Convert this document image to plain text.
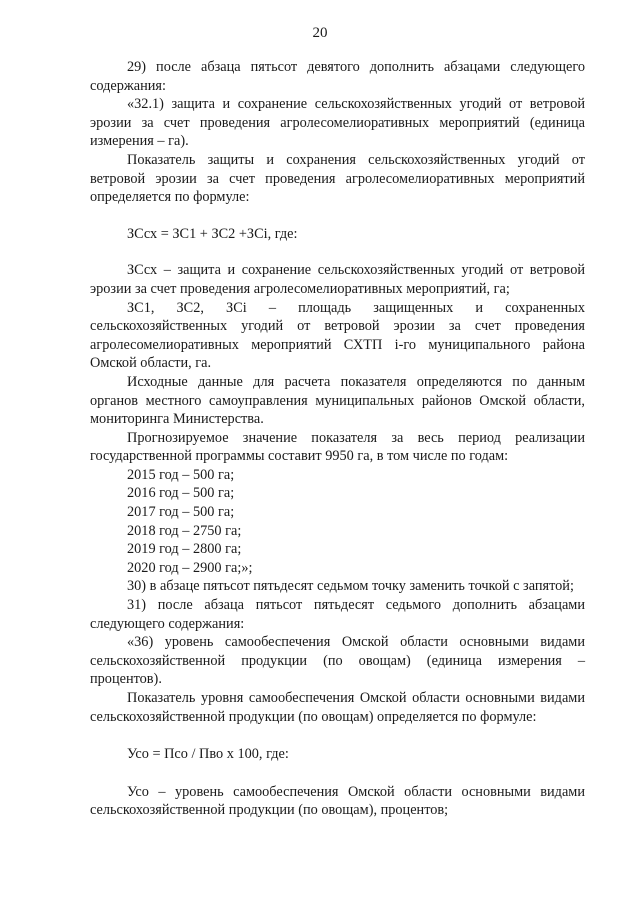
20

29) после абзаца пятьсот девятого дополнить абзацами следующего содержания:

«32.1) защита и сохранение сельскохозяйственных угодий от ветровой эрозии за счет проведения агролесомелиоративных мероприятий (единица измерения – га).

Показатель защиты и сохранения сельскохозяйственных угодий от ветровой эрозии за счет проведения агролесомелиоративных мероприятий определяется по формуле:

ЗСсх = ЗС1 + ЗС2 +ЗСi, где:

ЗСсх – защита и сохранение сельскохозяйственных угодий от ветровой эрозии за счет проведения агролесомелиоративных мероприятий, га;

ЗС1, ЗС2, ЗСi – площадь защищенных и сохраненных сельскохозяйственных угодий от ветровой эрозии за счет проведения агролесомелиоративных мероприятий СХТП i-го муниципального района Омской области, га.

Исходные данные для расчета показателя определяются по данным органов местного самоуправления муниципальных районов Омской области, мониторинга Министерства.

Прогнозируемое значение показателя за весь период реализации государственной программы составит 9950 га, в том числе по годам:

2015 год – 500 га;

2016 год – 500 га;

2017 год – 500 га;

2018 год – 2750 га;

2019 год – 2800 га;

2020 год – 2900 га;»;

30) в абзаце пятьсот пятьдесят седьмом точку заменить точкой с запятой;

31) после абзаца пятьсот пятьдесят седьмого дополнить абзацами следующего содержания:

«36) уровень самообеспечения Омской области основными видами сельскохозяйственной продукции (по овощам) (единица измерения – процентов).

Показатель уровня самообеспечения Омской области основными видами сельскохозяйственной продукции (по овощам) определяется по формуле:

Усо = Пco / Пво х 100, где:

Усо – уровень самообеспечения Омской области основными видами сельскохозяйственной продукции (по овощам), процентов;
